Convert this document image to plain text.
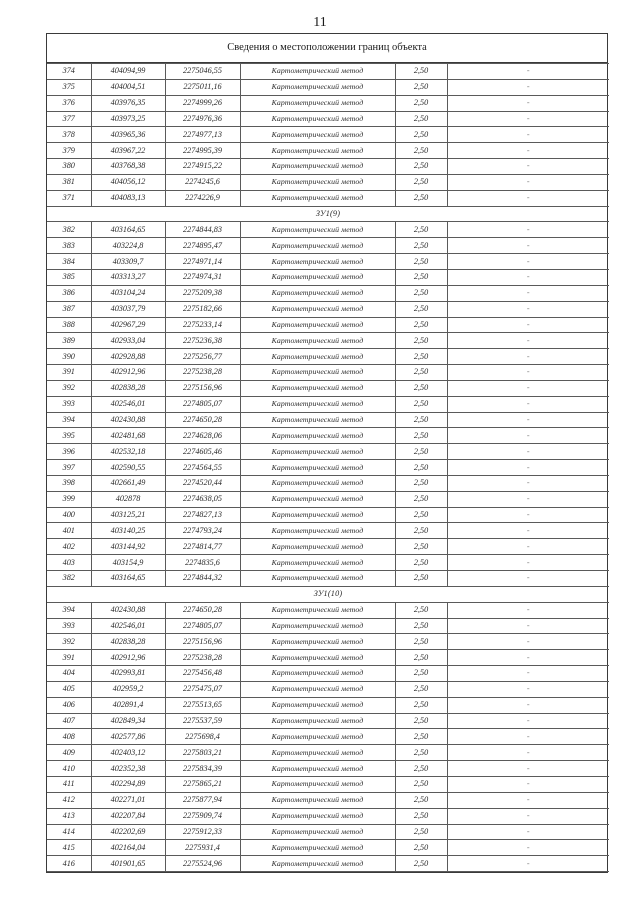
11
Сведения о местоположении границ объекта
374	404094,99	2275046,55	Картометрический метод	2,50	-
375	404004,51	2275011,16	Картометрический метод	2,50	-
376	403976,35	2274999,26	Картометрический метод	2,50	-
377	403973,25	2274976,36	Картометрический метод	2,50	-
378	403965,36	2274977,13	Картометрический метод	2,50	-
379	403967,22	2274995,39	Картометрический метод	2,50	-
380	403768,38	2274915,22	Картометрический метод	2,50	-
381	404056,12	2274245,6	Картометрический метод	2,50	-
371	404083,13	2274226,9	Картометрический метод	2,50	-
ЗУ1(9)					
382	403164,65	2274844,83	Картометрический метод	2,50	-
383	403224,8	2274895,47	Картометрический метод	2,50	-
384	403309,7	2274971,14	Картометрический метод	2,50	-
385	403313,27	2274974,31	Картометрический метод	2,50	-
386	403104,24	2275209,38	Картометрический метод	2,50	-
387	403037,79	2275182,66	Картометрический метод	2,50	-
388	402967,29	2275233,14	Картометрический метод	2,50	-
389	402933,04	2275236,38	Картометрический метод	2,50	-
390	402928,88	2275256,77	Картометрический метод	2,50	-
391	402912,96	2275238,28	Картометрический метод	2,50	-
392	402838,28	2275156,96	Картометрический метод	2,50	-
393	402546,01	2274805,07	Картометрический метод	2,50	-
394	402430,88	2274650,28	Картометрический метод	2,50	-
395	402481,68	2274628,06	Картометрический метод	2,50	-
396	402532,18	2274605,46	Картометрический метод	2,50	-
397	402590,55	2274564,55	Картометрический метод	2,50	-
398	402661,49	2274520,44	Картометрический метод	2,50	-
399	402878	2274638,05	Картометрический метод	2,50	-
400	403125,21	2274827,13	Картометрический метод	2,50	-
401	403140,25	2274793,24	Картометрический метод	2,50	-
402	403144,92	2274814,77	Картометрический метод	2,50	-
403	403154,9	2274835,6	Картометрический метод	2,50	-
382	403164,65	2274844,32	Картометрический метод	2,50	-
ЗУ1(10)					
394	402430,88	2274650,28	Картометрический метод	2,50	-
393	402546,01	2274805,07	Картометрический метод	2,50	-
392	402838,28	2275156,96	Картометрический метод	2,50	-
391	402912,96	2275238,28	Картометрический метод	2,50	-
404	402993,81	2275456,48	Картометрический метод	2,50	-
405	402959,2	2275475,07	Картометрический метод	2,50	-
406	402891,4	2275513,65	Картометрический метод	2,50	-
407	402849,34	2275537,59	Картометрический метод	2,50	-
408	402577,86	2275698,4	Картометрический метод	2,50	-
409	402403,12	2275803,21	Картометрический метод	2,50	-
410	402352,38	2275834,39	Картометрический метод	2,50	-
411	402294,89	2275865,21	Картометрический метод	2,50	-
412	402271,01	2275877,94	Картометрический метод	2,50	-
413	402207,84	2275909,74	Картометрический метод	2,50	-
414	402202,69	2275912,33	Картометрический метод	2,50	-
415	402164,04	2275931,4	Картометрический метод	2,50	-
416	401901,65	2275524,96	Картометрический метод	2,50	-
